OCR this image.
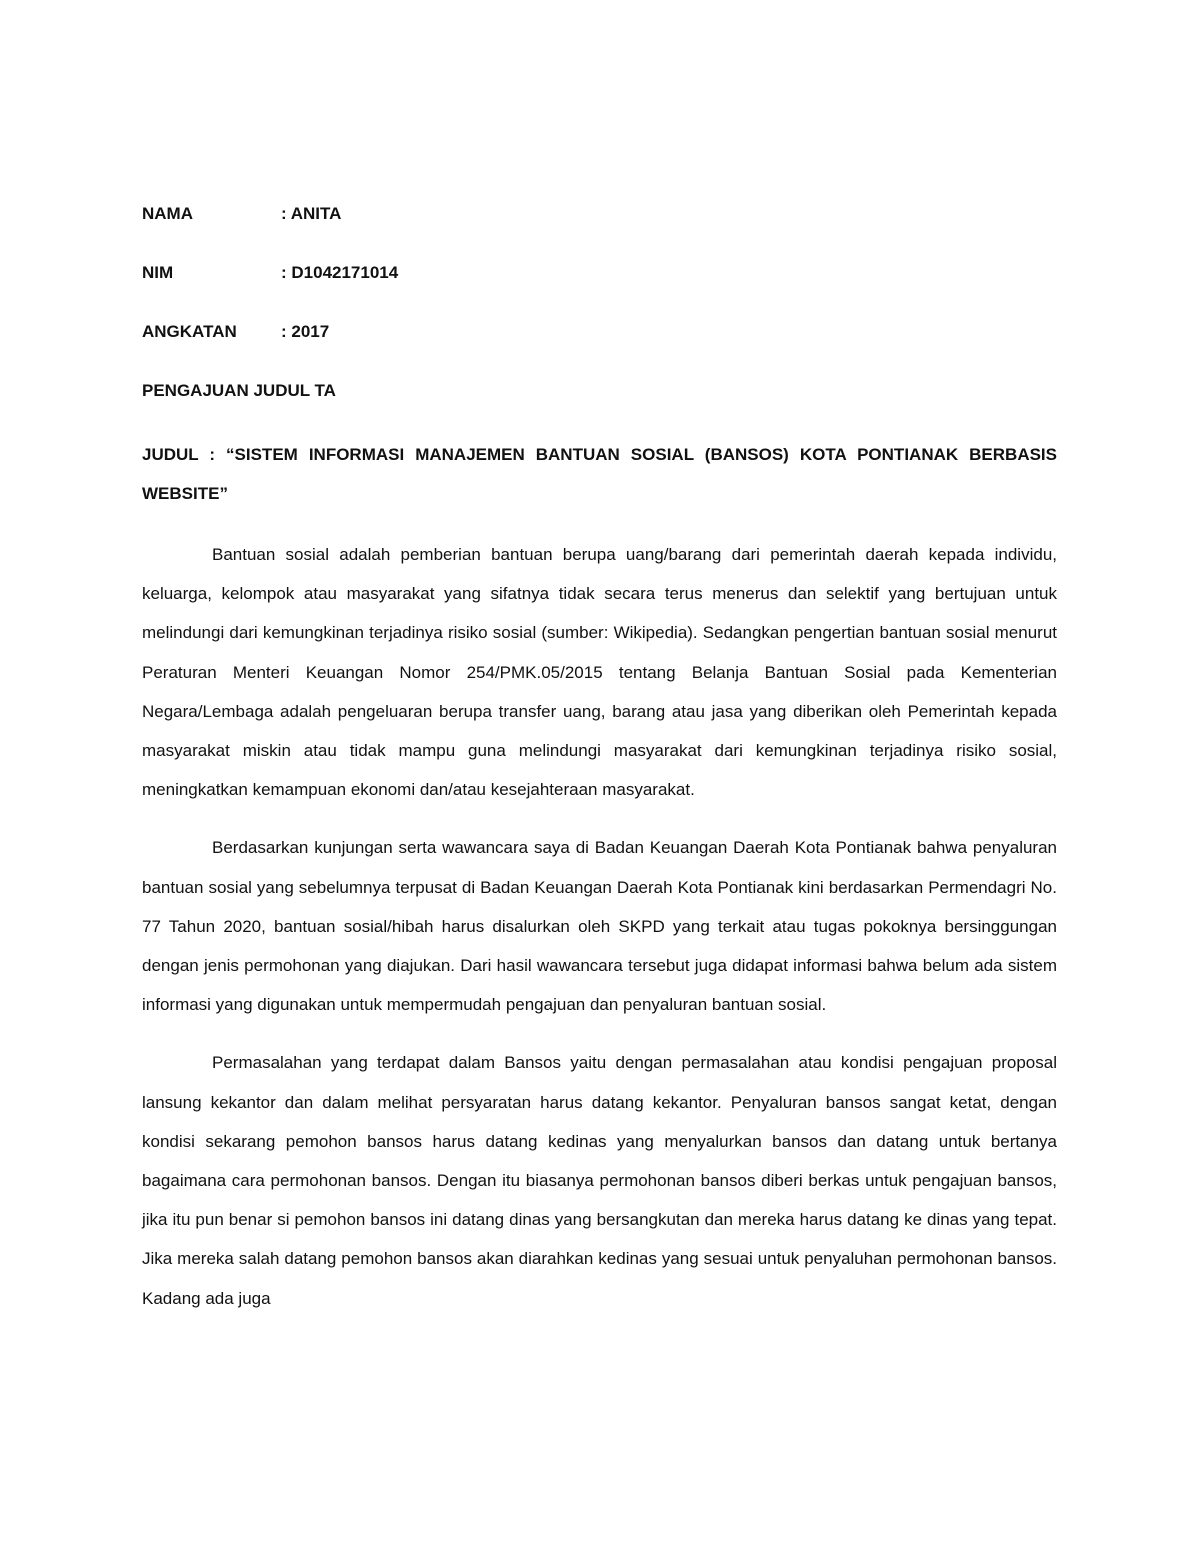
NAMA	: ANITA
NIM	: D1042171014
ANGKATAN	: 2017
PENGAJUAN JUDUL TA
JUDUL : “SISTEM INFORMASI MANAJEMEN BANTUAN SOSIAL (BANSOS) KOTA PONTIANAK BERBASIS WEBSITE”

Bantuan sosial adalah pemberian bantuan berupa uang/barang dari pemerintah daerah kepada individu, keluarga, kelompok atau masyarakat yang sifatnya tidak secara terus menerus dan selektif yang bertujuan untuk melindungi dari kemungkinan terjadinya risiko sosial (sumber: Wikipedia). Sedangkan pengertian bantuan sosial menurut Peraturan Menteri Keuangan Nomor 254/PMK.05/2015 tentang Belanja Bantuan Sosial pada Kementerian Negara/Lembaga adalah pengeluaran berupa transfer uang, barang atau jasa yang diberikan oleh Pemerintah kepada masyarakat miskin atau tidak mampu guna melindungi masyarakat dari kemungkinan terjadinya risiko sosial, meningkatkan kemampuan ekonomi dan/atau kesejahteraan masyarakat.

Berdasarkan kunjungan serta wawancara saya di Badan Keuangan Daerah Kota Pontianak bahwa penyaluran bantuan sosial yang sebelumnya terpusat di Badan Keuangan Daerah Kota Pontianak kini berdasarkan Permendagri No. 77 Tahun 2020, bantuan sosial/hibah harus disalurkan oleh SKPD yang terkait atau tugas pokoknya bersinggungan dengan jenis permohonan yang diajukan. Dari hasil wawancara tersebut juga didapat informasi bahwa belum ada sistem informasi yang digunakan untuk mempermudah pengajuan dan penyaluran bantuan sosial.

Permasalahan yang terdapat dalam Bansos yaitu dengan permasalahan atau kondisi pengajuan proposal lansung kekantor dan dalam melihat persyaratan harus datang kekantor. Penyaluran bansos sangat ketat, dengan kondisi sekarang pemohon bansos harus datang kedinas yang menyalurkan bansos dan datang untuk bertanya bagaimana cara permohonan bansos. Dengan itu biasanya permohonan bansos diberi berkas untuk pengajuan bansos, jika itu pun benar si pemohon bansos ini datang dinas yang bersangkutan dan mereka harus datang ke dinas yang tepat. Jika mereka salah datang pemohon bansos akan diarahkan kedinas yang sesuai untuk penyaluhan permohonan bansos. Kadang ada juga
